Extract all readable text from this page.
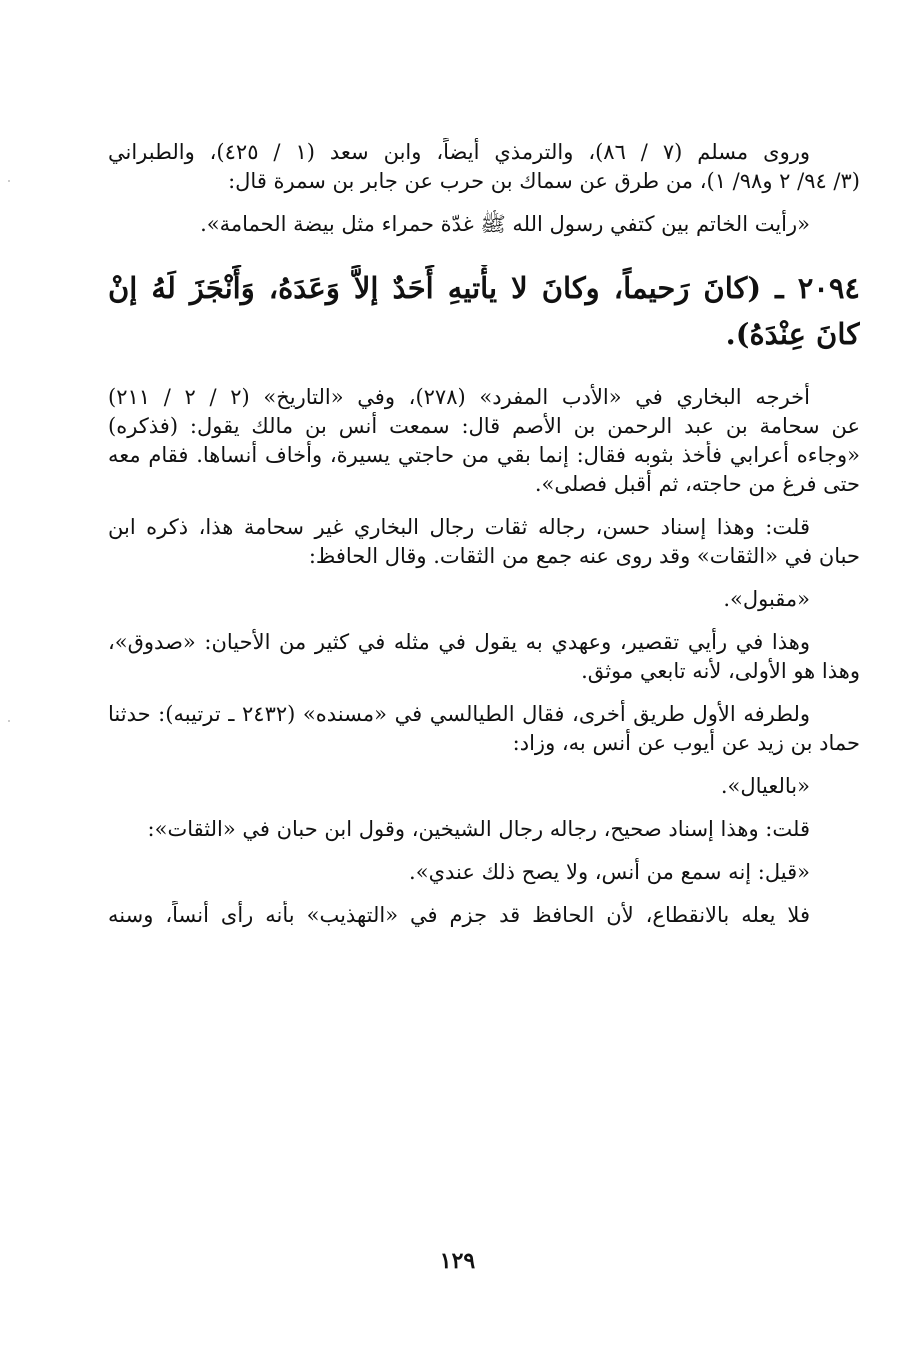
وروى مسلم (٧ / ٨٦)، والترمذي أيضاً، وابن سعد (١ / ٤٢٥)، والطبراني
(٣/ ٩٤/ ٢ و٩٨/ ١)، من طرق عن سماك بن حرب عن جابر بن سمرة قال:
«رأيت الخاتم بين كتفي رسول الله ﷺ غدّة حمراء مثل بيضة الحمامة».
٢٠٩٤ ـ (كانَ رَحيماً، وكانَ لا يأْتيهِ أَحَدٌ إلاَّ وَعَدَهُ، وَأَنْجَزَ لَهُ إنْ
كانَ عِنْدَهُ).
أخرجه البخاري في «الأدب المفرد» (٢٧٨)، وفي «التاريخ» (٢ / ٢ / ٢١١)
عن سحامة بن عبد الرحمن بن الأصم قال: سمعت أنس بن مالك يقول: (فذكره)
«وجاءه أعرابي فأخذ بثوبه فقال: إنما بقي من حاجتي يسيرة، وأخاف أنساها. فقام معه
حتى فرغ من حاجته، ثم أقبل فصلى».
قلت: وهذا إسناد حسن، رجاله ثقات رجال البخاري غير سحامة هذا، ذكره ابن
حبان في «الثقات» وقد روى عنه جمع من الثقات. وقال الحافظ:
«مقبول».
وهذا في رأيي تقصير، وعهدي به يقول في مثله في كثير من الأحيان: «صدوق»،
وهذا هو الأولى، لأنه تابعي موثق.
ولطرفه الأول طريق أخرى، فقال الطيالسي في «مسنده» (٢٤٣٢ ـ ترتيبه): حدثنا
حماد بن زيد عن أيوب عن أنس به، وزاد:
«بالعيال».
قلت: وهذا إسناد صحيح، رجاله رجال الشيخين، وقول ابن حبان في «الثقات»:
«قيل: إنه سمع من أنس، ولا يصح ذلك عندي».
فلا يعله بالانقطاع، لأن الحافظ قد جزم في «التهذيب» بأنه رأى أنساً، وسنه
١٢٩
